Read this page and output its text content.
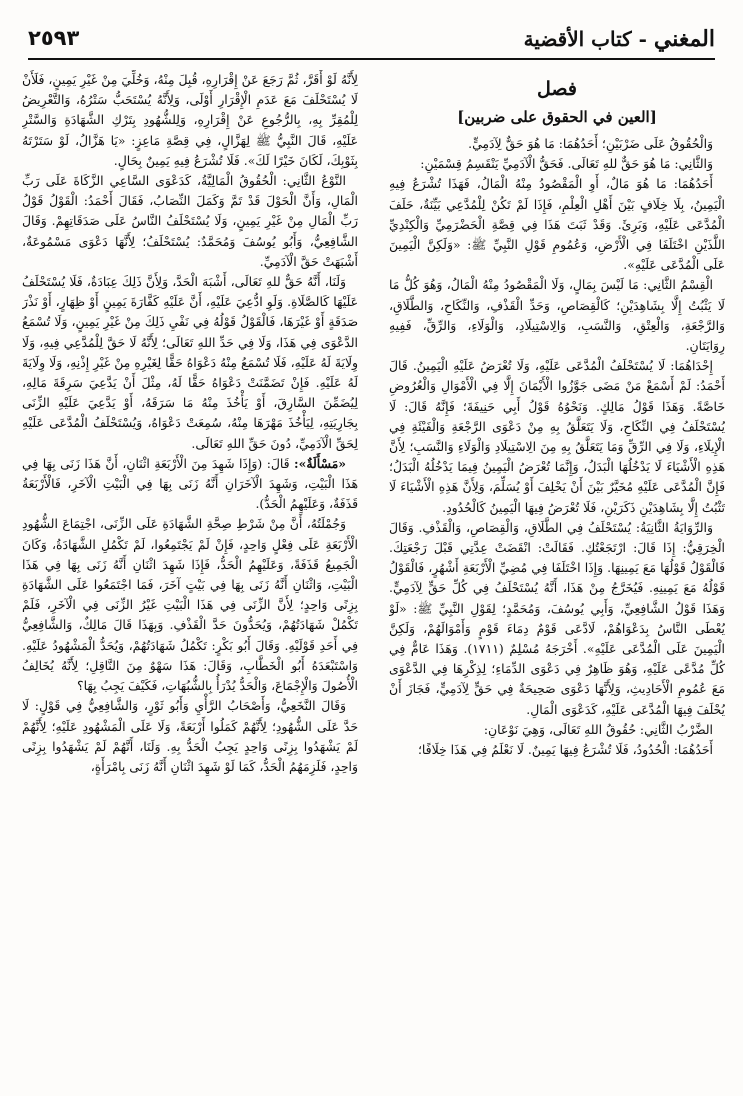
٢٥٩٣	المغني - كتاب الأقضية
فصل
[العين في الحقوق على ضربين]

وَالْحُقُوقُ عَلَى ضَرْبَيْنِ؛ أَحَدُهُمَا: مَا هُوَ حَقٌّ لِآدَمِيٍّ.

وَالثَّانِي: مَا هُوَ حَقٌّ للهِ تَعَالَى. فَحَقُّ الْآدَمِيِّ يَنْقَسِمُ قِسْمَيْنِ:

أَحَدُهُمَا: مَا هُوَ مَالٌ، أَوِ الْمَقْصُودُ مِنْهُ الْمَالُ، فَهَذَا تُشْرَعُ فِيهِ الْيَمِينُ، بِلَا خِلَافٍ بَيْنَ أَهْلِ الْعِلْمِ، فَإِذَا لَمْ تَكُنْ لِلْمُدَّعِي بَيِّنَةٌ، حَلَفَ الْمُدَّعَى عَلَيْهِ، وَبَرِئَ. وَقَدْ ثَبَتَ هَذَا فِي قِصَّةِ الْحَضْرَمِيِّ وَالْكِنْدِيِّ اللَّذَيْنِ اخْتَلَفَا فِي الْأَرْضِ، وَعُمُومِ قَوْلِ النَّبِيِّ ﷺ: «وَلَكِنَّ الْيَمِينَ عَلَى الْمُدَّعَى عَلَيْهِ».

الْقِسْمُ الثَّانِي: مَا لَيْسَ بِمَالٍ، وَلَا الْمَقْصُودُ مِنْهُ الْمَالُ، وَهُوَ كُلُّ مَا لَا يَثْبُتُ إِلَّا بِشَاهِدَيْنِ؛ كَالْقِصَاصِ، وَحَدِّ الْقَذْفِ، وَالنِّكَاحِ، وَالطَّلَاقِ، وَالرَّجْعَةِ، وَالْعِتْقِ، وَالنَّسَبِ، وَالِاسْتِيلَادِ، وَالْوَلَاءِ، وَالرِّقِّ، فَفِيهِ رِوَايَتَانِ.

إِحْدَاهُمَا: لَا يُسْتَحْلَفُ الْمُدَّعَى عَلَيْهِ، وَلَا تُعْرَضُ عَلَيْهِ الْيَمِينُ. قَالَ أَحْمَدُ: لَمْ أَسْمَعْ مَنْ مَضَى جَوَّزُوا الْأَيْمَانَ إِلَّا فِي الْأَمْوَالِ وَالْعُرُوضِ خَاصَّةً. وَهَذَا قَوْلُ مَالِكٍ. وَنَحْوُهُ قَوْلُ أَبِي حَنِيفَةَ؛ فَإِنَّهُ قَالَ: لَا يُسْتَحْلَفُ فِي النِّكَاحِ، وَلَا يَتَعَلَّقُ بِهِ مِنْ دَعْوَى الرَّجْعَةِ وَالْفَيْئَةِ فِي الْإِيلَاءِ، وَلَا فِي الرِّقِّ وَمَا يَتَعَلَّقُ بِهِ مِنَ الِاسْتِيلَادِ وَالْوَلَاءِ وَالنَّسَبِ؛ لِأَنَّ هَذِهِ الْأَشْيَاءَ لَا يَدْخُلُهَا الْبَدَلُ، وَإِنَّمَا تُعْرَضُ الْيَمِينُ فِيمَا يَدْخُلُهُ الْبَدَلُ؛ فَإِنَّ الْمُدَّعَى عَلَيْهِ مُخَيَّرٌ بَيْنَ أَنْ يَحْلِفَ أَوْ يُسَلِّمَ، وَلِأَنَّ هَذِهِ الْأَشْيَاءَ لَا تَثْبُتُ إِلَّا بِشَاهِدَيْنِ ذَكَرَيْنِ، فَلَا تُعْرَضُ فِيهَا الْيَمِينُ كَالْحُدُودِ.

وَالرِّوَايَةُ الثَّانِيَةُ: يُسْتَحْلَفُ فِي الطَّلَاقِ، وَالْقِصَاصِ، وَالْقَذْفِ. وَقَالَ الْخِرَقِيُّ: إِذَا قَالَ: ارْتَجَعْتُكِ. فَقَالَتْ: انْقَضَتْ عِدَّتِي قَبْلَ رَجْعَتِكَ. فَالْقَوْلُ قَوْلُهَا مَعَ يَمِينِهَا. وَإِذَا اخْتَلَفَا فِي مُضِيِّ الْأَرْبَعَةِ أَشْهُرٍ، فَالْقَوْلُ قَوْلُهُ مَعَ يَمِينِهِ. فَيُخَرَّجُ مِنْ هَذَا، أَنَّهُ يُسْتَحْلَفُ فِي كُلِّ حَقٍّ لِآدَمِيٍّ. وَهَذَا قَوْلُ الشَّافِعِيِّ، وَأَبِي يُوسُفَ، وَمُحَمَّدٍ؛ لِقَوْلِ النَّبِيِّ ﷺ: «لَوْ يُعْطَى النَّاسُ بِدَعْوَاهُمْ، لَادَّعَى قَوْمٌ دِمَاءَ قَوْمٍ وَأَمْوَالَهُمْ، وَلَكِنَّ الْيَمِينَ عَلَى الْمُدَّعَى عَلَيْهِ». أَخْرَجَهُ مُسْلِمٌ (١٧١١). وَهَذَا عَامٌّ فِي كُلِّ مُدَّعًى عَلَيْهِ، وَهُوَ ظَاهِرٌ فِي دَعْوَى الدِّمَاءِ؛ لِذِكْرِهَا فِي الدَّعْوَى مَعَ عُمُومِ الْأَحَادِيثِ، وَلِأَنَّهَا دَعْوَى صَحِيحَةٌ فِي حَقٍّ لِآدَمِيٍّ، فَجَازَ أَنْ يُحْلَفَ فِيهَا الْمُدَّعَى عَلَيْهِ، كَدَعْوَى الْمَالِ.

الضَّرْبُ الثَّانِي: حُقُوقُ اللهِ تَعَالَى، وَهِيَ نَوْعَانِ:

أَحَدُهُمَا: الْحُدُودُ، فَلَا تُشْرَعُ فِيهَا يَمِينٌ. لَا نَعْلَمُ فِي هَذَا خِلَافًا؛

لِأَنَّهُ لَوْ أَقَرَّ، ثُمَّ رَجَعَ عَنْ إِقْرَارِهِ، قُبِلَ مِنْهُ، وَخُلِّيَ مِنْ غَيْرِ يَمِينٍ، فَلَأَنْ لَا يُسْتَحْلَفَ مَعَ عَدَمِ الْإِقْرَارِ أَوْلَى، وَلِأَنَّهُ يُسْتَحَبُّ سَتْرُهُ، وَالتَّعْرِيضُ لِلْمُقِرِّ بِهِ، بِالرُّجُوعِ عَنْ إِقْرَارِهِ، وَلِلشُّهُودِ بِتَرْكِ الشَّهَادَةِ وَالسَّتْرِ عَلَيْهِ، قَالَ النَّبِيُّ ﷺ لِهَزَّالٍ، فِي قِصَّةِ مَاعِزٍ: «يَا هَزَّالُ، لَوْ سَتَرْتَهُ بِثَوْبِكَ، لَكَانَ خَيْرًا لَكَ». فَلَا تُشْرَعُ فِيهِ يَمِينٌ بِحَالٍ.

النَّوْعُ الثَّانِي: الْحُقُوقُ الْمَالِيَّةُ، كَدَعْوَى السَّاعِي الزَّكَاةَ عَلَى رَبِّ الْمَالِ، وَأَنَّ الْحَوْلَ قَدْ تَمَّ وَكَمَلَ النِّصَابُ، فَقَالَ أَحْمَدُ: الْقَوْلُ قَوْلُ رَبِّ الْمَالِ مِنْ غَيْرِ يَمِينٍ، وَلَا يُسْتَحْلَفُ النَّاسُ عَلَى صَدَقَاتِهِمْ. وَقَالَ الشَّافِعِيُّ، وَأَبُو يُوسُفَ وَمُحَمَّدٌ: يُسْتَحْلَفُ؛ لِأَنَّهَا دَعْوَى مَسْمُوعَةٌ، أَشْبَهَتْ حَقَّ الْآدَمِيِّ.

وَلَنَا، أَنَّهُ حَقٌّ للهِ تَعَالَى، أَشْبَهَ الْحَدَّ، وَلِأَنَّ ذَلِكَ عِبَادَةٌ، فَلَا يُسْتَحْلَفُ عَلَيْهَا كَالصَّلَاةِ. وَلَوِ ادُّعِيَ عَلَيْهِ، أَنَّ عَلَيْهِ كَفَّارَةَ يَمِينٍ أَوْ ظِهَارٍ، أَوْ نَذْرَ صَدَقَةٍ أَوْ غَيْرَهَا، فَالْقَوْلُ قَوْلُهُ فِي نَفْيِ ذَلِكَ مِنْ غَيْرِ يَمِينٍ، وَلَا تُسْمَعُ الدَّعْوَى فِي هَذَا، وَلَا فِي حَدِّ اللهِ تَعَالَى؛ لِأَنَّهُ لَا حَقَّ لِلْمُدَّعِي فِيهِ، وَلَا وِلَايَةَ لَهُ عَلَيْهِ، فَلَا تُسْمَعُ مِنْهُ دَعْوَاهُ حَقًّا لِغَيْرِهِ مِنْ غَيْرِ إِذْنِهِ، وَلَا وِلَايَةَ لَهُ عَلَيْهِ. فَإِنْ تَضَمَّنَتْ دَعْوَاهُ حَقًّا لَهُ، مِثْلَ أَنْ يَدَّعِيَ سَرِقَةَ مَالِهِ، لِيُضَمِّنَ السَّارِقَ، أَوْ يَأْخُذَ مِنْهُ مَا سَرَقَهُ، أَوْ يَدَّعِيَ عَلَيْهِ الزِّنَى بِجَارِيَتِهِ، لِيَأْخُذَ مَهْرَهَا مِنْهُ، سُمِعَتْ دَعْوَاهُ، وَيُسْتَحْلَفُ الْمُدَّعَى عَلَيْهِ لِحَقِّ الْآدَمِيِّ، دُونَ حَقِّ اللهِ تَعَالَى.

«مَسْأَلَةٌ»: قَالَ: (وَإِذَا شَهِدَ مِنَ الْأَرْبَعَةِ اثْنَانِ، أَنَّ هَذَا زَنَى بِهَا فِي هَذَا الْبَيْتِ، وَشَهِدَ الْآخَرَانِ أَنَّهُ زَنَى بِهَا فِي الْبَيْتِ الْآخَرِ، فَالْأَرْبَعَةُ قَذَفَةٌ، وَعَلَيْهِمُ الْحَدُّ).

وَجُمْلَتُهُ، أَنَّ مِنْ شَرْطِ صِحَّةِ الشَّهَادَةِ عَلَى الزِّنَى، اجْتِمَاعَ الشُّهُودِ الْأَرْبَعَةِ عَلَى فِعْلٍ وَاحِدٍ، فَإِنْ لَمْ يَجْتَمِعُوا، لَمْ تَكْمُلِ الشَّهَادَةُ، وَكَانَ الْجَمِيعُ قَذَفَةً، وَعَلَيْهِمُ الْحَدُّ، فَإِذَا شَهِدَ اثْنَانِ أَنَّهُ زَنَى بِهَا فِي هَذَا الْبَيْتِ، وَاثْنَانِ أَنَّهُ زَنَى بِهَا فِي بَيْتٍ آخَرَ، فَمَا اجْتَمَعُوا عَلَى الشَّهَادَةِ بِزِنًى وَاحِدٍ؛ لِأَنَّ الزِّنَى فِي هَذَا الْبَيْتِ غَيْرُ الزِّنَى فِي الْآخَرِ، فَلَمْ تَكْمُلْ شَهَادَتُهُمْ، وَيُحَدُّونَ حَدَّ الْقَذْفِ. وَبِهَذَا قَالَ مَالِكٌ، وَالشَّافِعِيُّ فِي أَحَدِ قَوْلَيْهِ. وَقَالَ أَبُو بَكْرٍ: تَكْمُلُ شَهَادَتُهُمْ، وَيُحَدُّ الْمَشْهُودُ عَلَيْهِ. وَاسْتَبْعَدَهُ أَبُو الْخَطَّابِ، وَقَالَ: هَذَا سَهْوٌ مِنَ النَّاقِلِ؛ لِأَنَّهُ يُخَالِفُ الْأُصُولَ وَالْإِجْمَاعَ، وَالْحَدُّ يُدْرَأُ بِالشُّبُهَاتِ، فَكَيْفَ يَجِبُ بِهَا؟

وَقَالَ النَّخَعِيُّ، وَأَصْحَابُ الرَّأْيِ وَأَبُو ثَوْرٍ، وَالشَّافِعِيُّ فِي قَوْلٍ: لَا حَدَّ عَلَى الشُّهُودِ؛ لِأَنَّهُمْ كَمَلُوا أَرْبَعَةً، وَلَا عَلَى الْمَشْهُودِ عَلَيْهِ؛ لِأَنَّهُمْ لَمْ يَشْهَدُوا بِزِنًى وَاحِدٍ يَجِبُ الْحَدُّ بِهِ. وَلَنَا، أَنَّهُمْ لَمْ يَشْهَدُوا بِزِنًى وَاحِدٍ، فَلَزِمَهُمُ الْحَدُّ، كَمَا لَوْ شَهِدَ اثْنَانِ أَنَّهُ زَنَى بِامْرَأَةٍ،
